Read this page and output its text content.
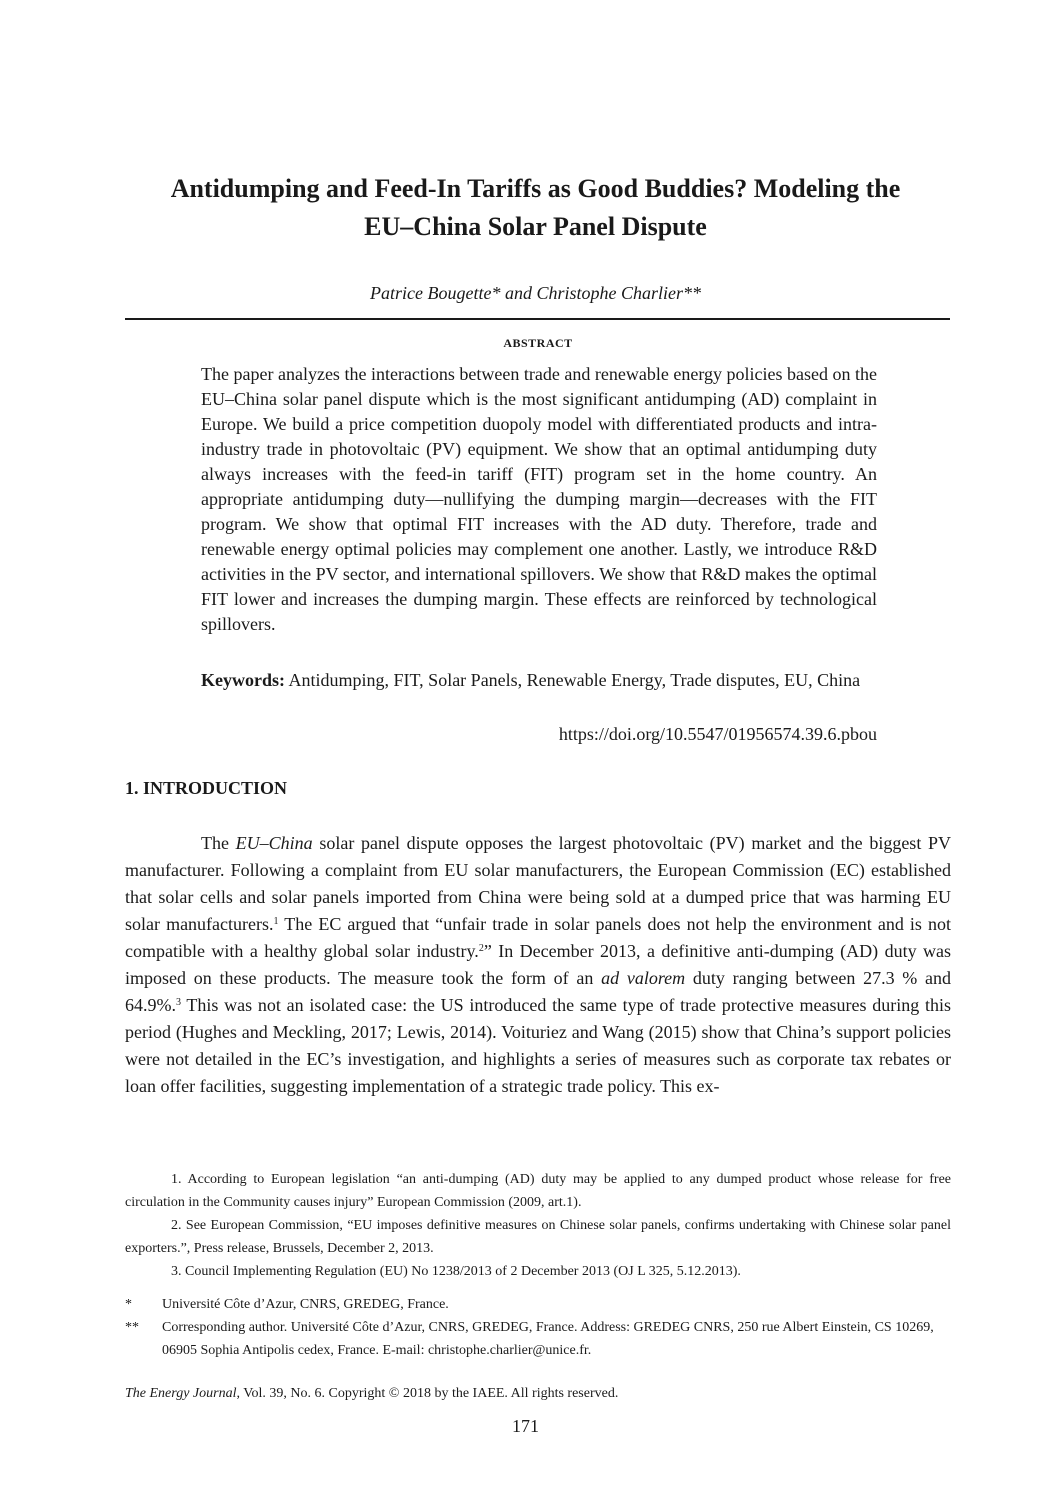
Antidumping and Feed-In Tariffs as Good Buddies? Modeling the
EU–China Solar Panel Dispute
Patrice Bougette* and Christophe Charlier**
ABSTRACT

The paper analyzes the interactions between trade and renewable energy policies based on the EU–China solar panel dispute which is the most significant antidumping (AD) complaint in Europe. We build a price competition duopoly model with differentiated products and intra-industry trade in photovoltaic (PV) equipment. We show that an optimal antidumping duty always increases with the feed-in tariff (FIT) program set in the home country. An appropriate antidumping duty—nullifying the dumping margin—decreases with the FIT program. We show that optimal FIT increases with the AD duty. Therefore, trade and renewable energy optimal policies may complement one another. Lastly, we introduce R&D activities in the PV sector, and international spillovers. We show that R&D makes the optimal FIT lower and increases the dumping margin. These effects are reinforced by technological spillovers.

Keywords: Antidumping, FIT, Solar Panels, Renewable Energy, Trade disputes, EU, China

https://doi.org/10.5547/01956574.39.6.pbou
1. INTRODUCTION

The EU–China solar panel dispute opposes the largest photovoltaic (PV) market and the biggest PV manufacturer. Following a complaint from EU solar manufacturers, the European Commission (EC) established that solar cells and solar panels imported from China were being sold at a dumped price that was harming EU solar manufacturers.$^1$ The EC argued that “unfair trade in solar panels does not help the environment and is not compatible with a healthy global solar industry.$^2$” In December 2013, a definitive anti-dumping (AD) duty was imposed on these products. The measure took the form of an ad valorem duty ranging between 27.3 % and 64.9%.$^3$ This was not an isolated case: the US introduced the same type of trade protective measures during this period (Hughes and Meckling, 2017; Lewis, 2014). Voituriez and Wang (2015) show that China’s support policies were not detailed in the EC’s investigation, and highlights a series of measures such as corporate tax rebates or loan offer facilities, suggesting implementation of a strategic trade policy. This ex-

1. According to European legislation “an anti-dumping (AD) duty may be applied to any dumped product whose release for free circulation in the Community causes injury” European Commission (2009, art.1).

2. See European Commission, “EU imposes definitive measures on Chinese solar panels, confirms undertaking with Chinese solar panel exporters.”, Press release, Brussels, December 2, 2013.

3. Council Implementing Regulation (EU) No 1238/2013 of 2 December 2013 (OJ L 325, 5.12.2013).

*	Université Côte d’Azur, CNRS, GREDEG, France.
**	Corresponding author. Université Côte d’Azur, CNRS, GREDEG, France. Address: GREDEG CNRS, 250 rue Albert Einstein, CS 10269, 06905 Sophia Antipolis cedex, France. E-mail: christophe.charlier@unice.fr.
The Energy Journal, Vol. 39, No. 6. Copyright © 2018 by the IAEE. All rights reserved.
171
